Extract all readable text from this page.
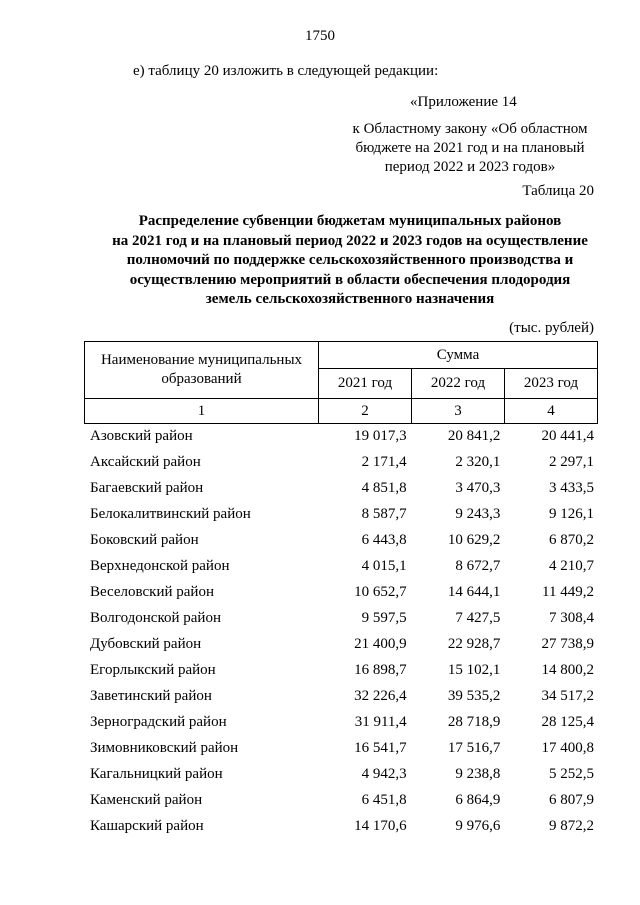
1750
е) таблицу 20 изложить в следующей редакции:
«Приложение 14
к Областному закону «Об областном
бюджете на 2021 год и на плановый
период 2022 и 2023 годов»
Таблица 20
Распределение субвенции бюджетам муниципальных районов
на 2021 год и на плановый период 2022 и 2023 годов на осуществление
полномочий по поддержке сельскохозяйственного производства и
осуществлению мероприятий в области обеспечения плодородия
земель сельскохозяйственного назначения
(тыс. рублей)
Наименование муниципальных
образований	Сумма		
	2021 год	2022 год	2023 год
1	2	3	4
Азовский район	19 017,3	20 841,2	20 441,4
Аксайский район	2 171,4	2 320,1	2 297,1
Багаевский район	4 851,8	3 470,3	3 433,5
Белокалитвинский район	8 587,7	9 243,3	9 126,1
Боковский район	6 443,8	10 629,2	6 870,2
Верхнедонской район	4 015,1	8 672,7	4 210,7
Веселовский район	10 652,7	14 644,1	11 449,2
Волгодонской район	9 597,5	7 427,5	7 308,4
Дубовский район	21 400,9	22 928,7	27 738,9
Егорлыкский район	16 898,7	15 102,1	14 800,2
Заветинский район	32 226,4	39 535,2	34 517,2
Зерноградский район	31 911,4	28 718,9	28 125,4
Зимовниковский район	16 541,7	17 516,7	17 400,8
Кагальницкий район	4 942,3	9 238,8	5 252,5
Каменский район	6 451,8	6 864,9	6 807,9
Кашарский район	14 170,6	9 976,6	9 872,2
